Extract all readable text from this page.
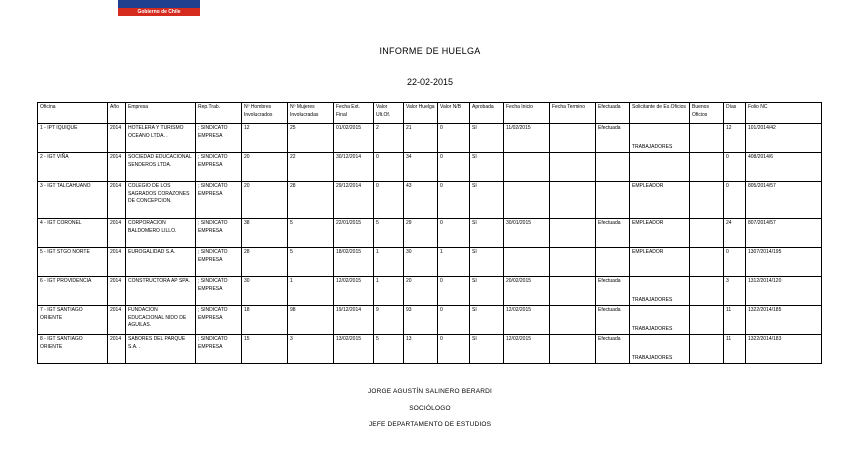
Gobierno de Chile
INFORME DE HUELGA
22-02-2015
Oficina	Año	Empresa	Rep.Trab.	Nº Hombres Involucrados	Nº Mujeres Involucradas	Fecha Ext. Final	Valor Ult.Of.	Valor Huelga	Valor N/B	Aprobada	Fecha Inicio	Fecha Termino	Efectuada	Solicitante de Ex.Oficios	Buenos Oficios	Días	Folio NC
1 - IPT IQUIQUE	2014	HOTELERA Y TURISMO OCEANO LTDA. .	; SINDICATO EMPRESA	12	25	01/02/2015	2	21	0	SI	11/02/2015		Efectuada	TRABAJADORES		12	101/2014/42
2 - IGT VIÑA	2014	SOCIEDAD EDUCACIONAL SENDEROS LTDA.	; SINDICATO EMPRESA	20	22	30/12/2014	0	34	0	SI						0	408/2014/6
3 - IGT TALCAHUANO	2014	COLEGIO DE LOS SAGRADOS CORAZONES DE CONCEPCION.	; SINDICATO EMPRESA	20	28	29/12/2014	0	43	0	SI				EMPLEADOR		0	805/2014/57
4 - IGT CORONEL	2014	CORPORACION BALDOMERO LILLO.	; SINDICATO EMPRESA	38	5	22/01/2015	5	29	0	SI	30/01/2015		Efectuada	EMPLEADOR		24	807/2014/57
5 - IGT STGO NORTE	2014	EUROGALIDAD S.A.	; SINDICATO EMPRESA	28	5	18/02/2015	1	30	1	SI				EMPLEADOR		0	1307/2014/195
6 - IGT PROVIDENCIA	2014	CONSTRUCTORA AP SPA.	; SINDICATO EMPRESA	30	1	12/02/2015	1	20	0	SI	20/02/2015		Efectuada	TRABAJADORES		3	1312/2014/120
7 - IGT SANTIAGO ORIENTE	2014	FUNDACION EDUCACIONAL NIDO DE AGUILAS.	; SINDICATO EMPRESA	18	98	19/12/2014	9	93	0	SI	12/02/2015		Efectuada	TRABAJADORES		11	1322/2014/185
8 - IGT SANTIAGO ORIENTE	2014	SABORES DEL PARQUE S.A. .	; SINDICATO EMPRESA	15	3	13/02/2015	5	13	0	SI	12/02/2015		Efectuada	TRABAJADORES		11	1322/2014/183
JORGE AGUSTÍN SALINERO BERARDI
SOCIÓLOGO
JEFE DEPARTAMENTO DE ESTUDIOS
